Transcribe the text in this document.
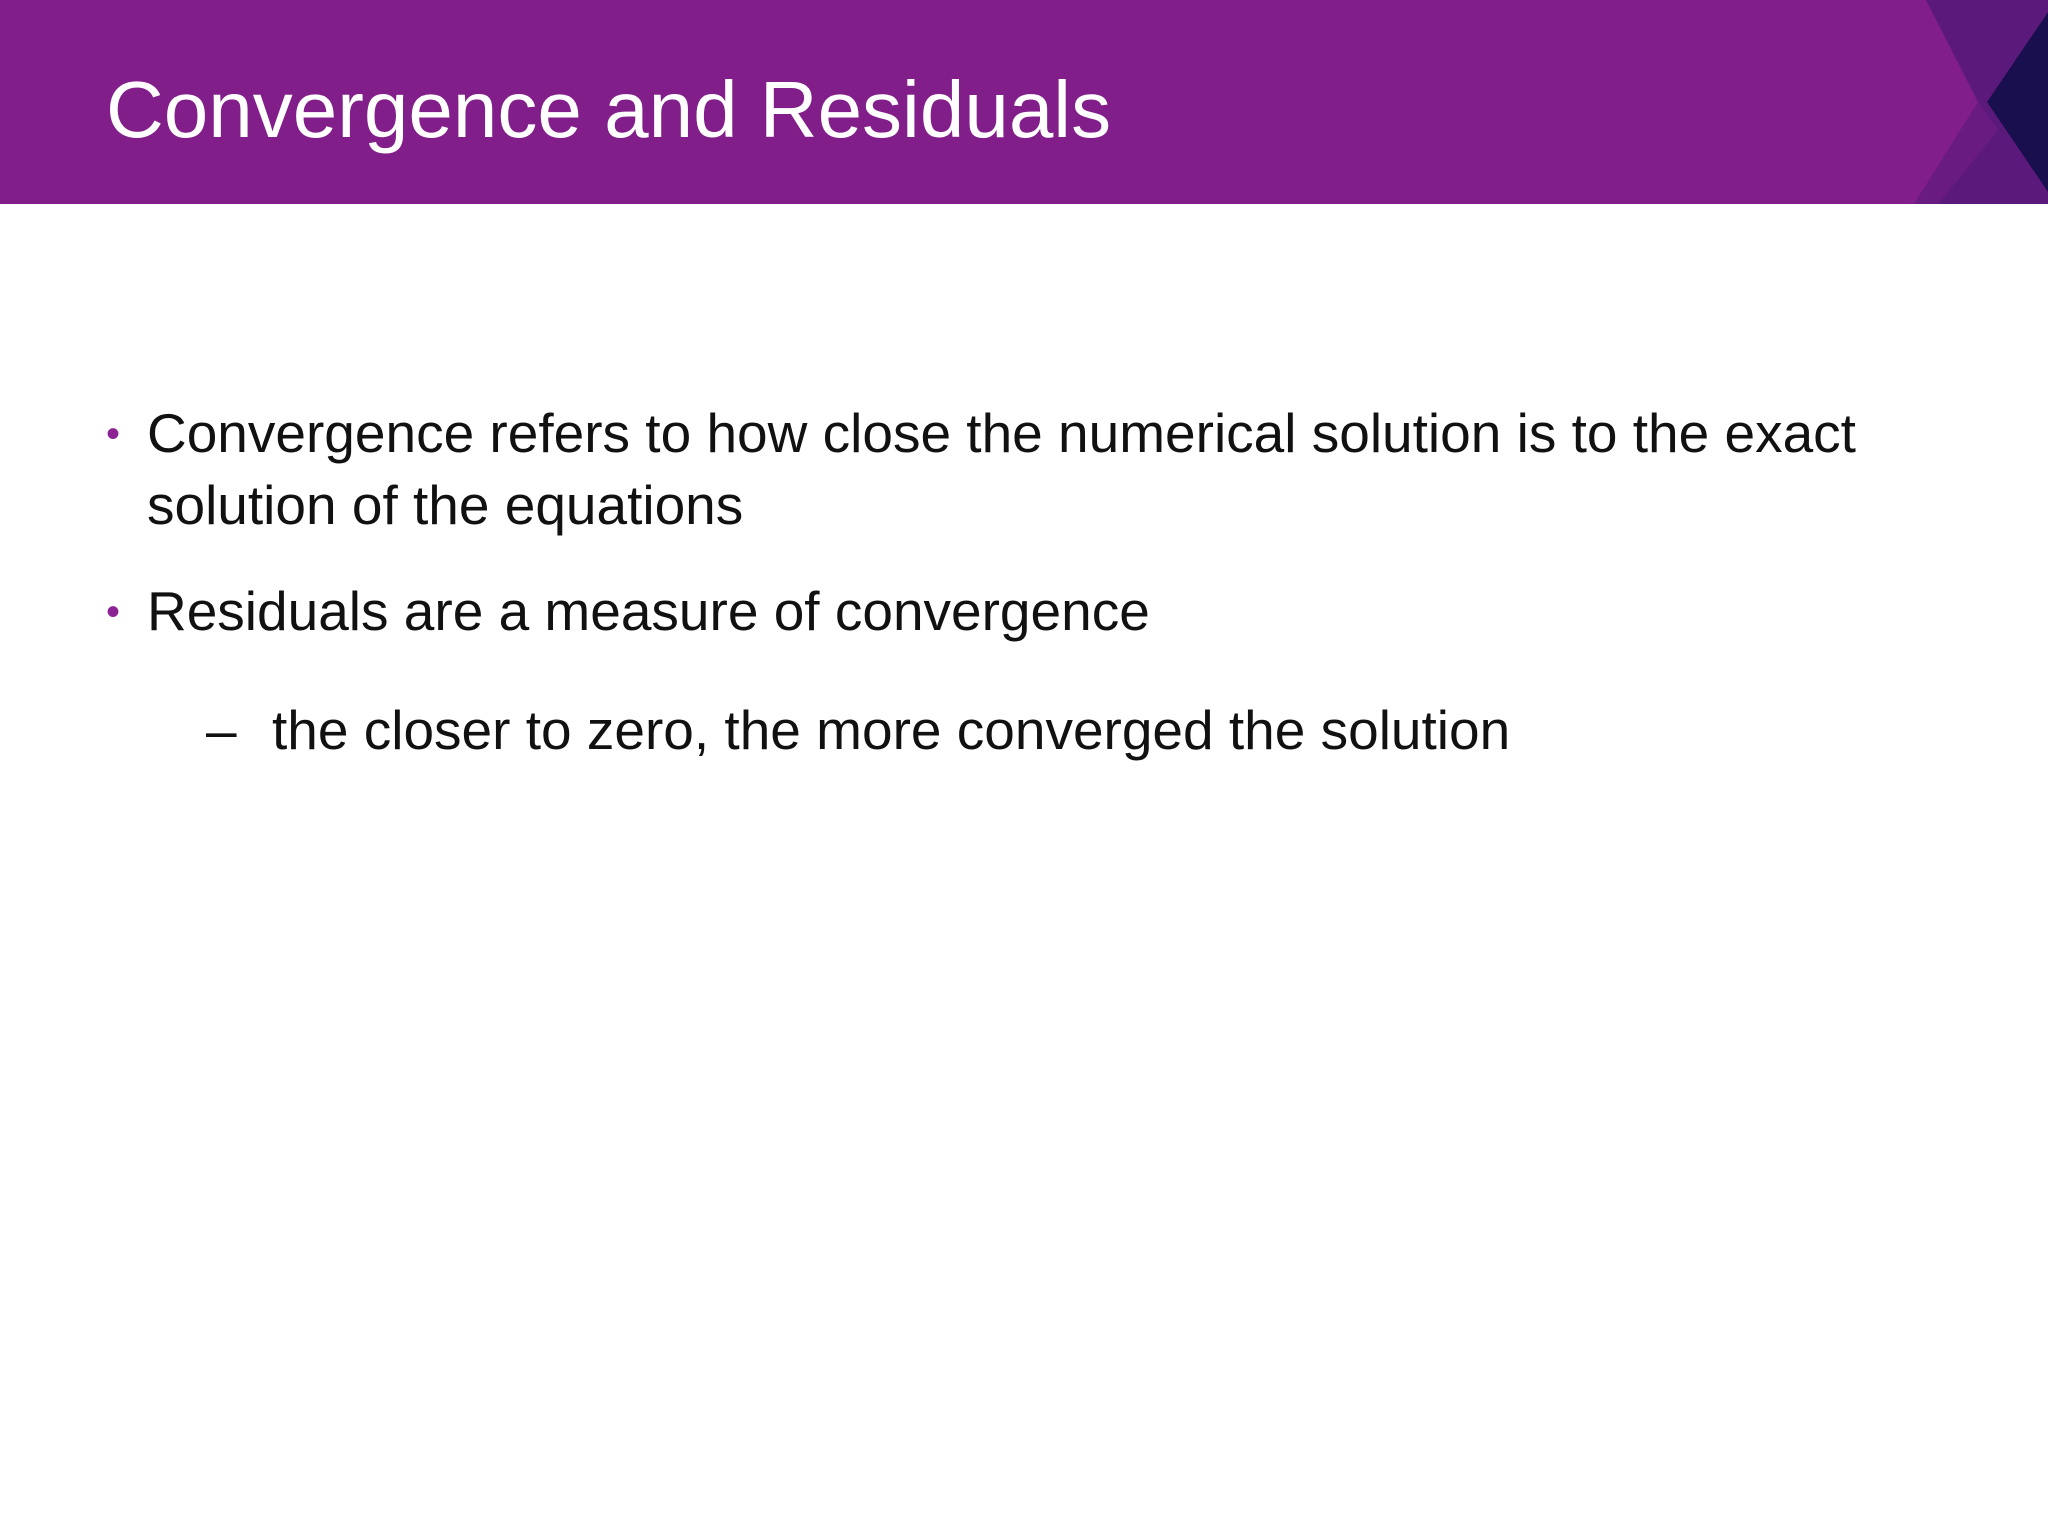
Convergence and Residuals
• Convergence refers to how close the numerical solution is to the exact solution of the equations

• Residuals are a measure of convergence

– the closer to zero, the more converged the solution
